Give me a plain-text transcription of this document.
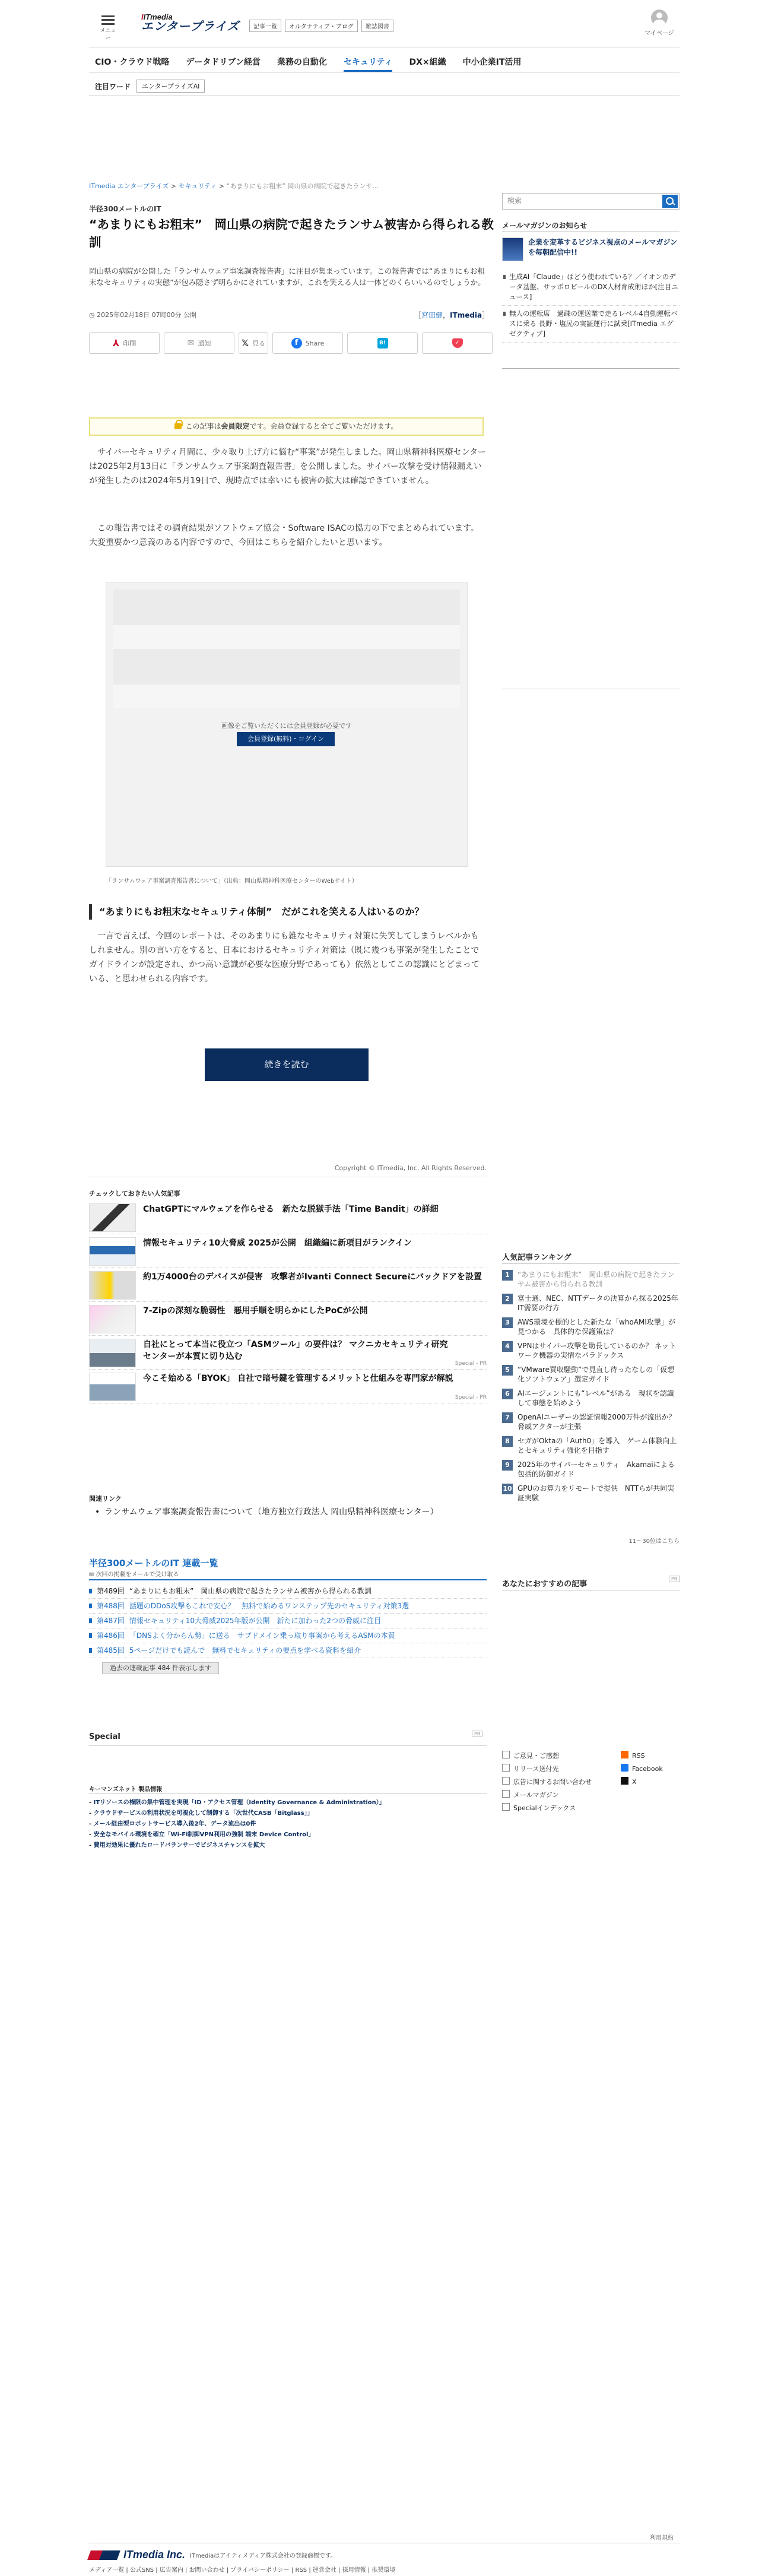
メニュー
IITmedia
エンタープライズ	記事一覧	オルタナティブ・ブログ	雑誌図書
マイページ
CIO・クラウド戦略 データドリブン経営 業務の自動化 セキュリティ DX×組織 中小企業IT活用
注目ワード	エンタープライズAI
ITmedia エンタープライズ > セキュリティ > “あまりにもお粗末” 岡山県の病院で起きたランサ...
半径300メートルのIT
“あまりにもお粗末”　岡山県の病院で起きたランサム被害から得られる教訓

岡山県の病院が公開した「ランサムウェア事案調査報告書」に注目が集まっています。この報告書では“あまりにもお粗末なセキュリティの実態”が包み隠さず明らかにされていますが、これを笑える人は一体どのくらいいるのでしょうか。

◷ 2025年02月18日 07時00分 公開	［宮田健，ITmedia］
⅄ 印刷	✉ 通知	𝕏 見る	f	Share	B!	✓
この記事は会員限定です。会員登録すると全てご覧いただけます。

　サイバーセキュリティ月間に、少々取り上げ方に悩む“事案”が発生しました。岡山県精神科医療センターは2025年2月13日に「ランサムウェア事案調査報告書」を公開しました。サイバー攻撃を受け情報漏えいが発生したのは2024年5月19日で、現時点では幸いにも被害の拡大は確認できていません。

　この報告書ではその調査結果がソフトウェア協会・Software ISACの協力の下でまとめられています。大変重要かつ意義のある内容ですので、今回はこちらを紹介したいと思います。

画像をご覧いただくには会員登録が必要です
会員登録(無料)・ログイン
「ランサムウェア事案調査報告書について」（出典：岡山県精神科医療センターのWebサイト）
“あまりにもお粗末なセキュリティ体制”　だがこれを笑える人はいるのか？

　一言で言えば、今回のレポートは、そのあまりにも雑なセキュリティ対策に失笑してしまうレベルかもしれません。別の言い方をすると、日本におけるセキュリティ対策は（既に幾つも事案が発生したことでガイドラインが設定され、かつ高い意識が必要な医療分野であっても）依然としてこの認識にとどまっている、と思わせられる内容です。

続きを読む
Copyright © ITmedia, Inc. All Rights Reserved.
チェックしておきたい人気記事
ChatGPTにマルウェアを作らせる　新たな脱獄手法「Time Bandit」の詳細
情報セキュリティ10大脅威 2025が公開　組織編に新項目がランクイン
約1万4000台のデバイスが侵害　攻撃者がIvanti Connect Secureにバックドアを設置
7-Zipの深刻な脆弱性　悪用手順を明らかにしたPoCが公開
自社にとって本当に役立つ「ASMツール」の要件は？ マクニカセキュリティ研究センターが本質に切り込む
Special - PR
今こそ始める「BYOK」 自社で暗号鍵を管理するメリットと仕組みを専門家が解説
Special - PR
関連リンク
• ランサムウェア事案調査報告書について（地方独立行政法人 岡山県精神科医療センター）
半径300メートルのIT 連載一覧
✉ 次回の掲載をメールで受け取る
第489回 “あまりにもお粗末”　岡山県の病院で起きたランサム被害から得られる教訓
第488回 話題のDDoS攻撃もこれで安心？　無料で始めるワンステップ先のセキュリティ対策3選
第487回 情報セキュリティ10大脅威2025年版が公開　新たに加わった2つの脅威に注目
第486回 「DNSよく分からん勢」に送る　サブドメイン乗っ取り事案から考えるASMの本質
第485回 5ページだけでも読んで　無料でセキュリティの要点を学べる資料を紹介
過去の連載記事 484 件表示します
Special	PR
キーマンズネット 製品情報
- ITリソースの権限の集中管理を実現「ID・アクセス管理（Identity Governance & Administration）」
- クラウドサービスの利用状況を可視化して制御する「次世代CASB「Bitglass」」
- メール経由型ロボットサービス導入後2年、データ流出は0件
- 安全なモバイル環境を確立「Wi-Fi制御VPN利用の強制 端末 Device Control」
- 費用対効果に優れたロードバランサーでビジネスチャンスを拡大
検索
メールマガジンのお知らせ
企業を変革するビジネス視点のメールマガジンを毎朝配信中!!
生成AI「Claude」はどう使われている？／イオンのデータ基盤、サッポロビールのDX人材育成術ほか[注目ニュース]
無人の運転席　過疎の運送業で走るレベル4自動運転バスに乗る 長野・塩尻の実証運行に試乗[ITmedia エグゼクティブ]
人気記事ランキング
1	“あまりにもお粗末”　岡山県の病院で起きたランサム被害から得られる教訓
2	富士通、NEC、NTTデータの決算から探る2025年IT需要の行方
3	AWS環境を標的とした新たな「whoAMI攻撃」が見つかる　具体的な保護策は？
4	VPNはサイバー攻撃を助長しているのか？ ネットワーク機器の実情なパラドックス
5	“VMware買収騒動”で見直し待ったなしの「仮想化ソフトウェア」選定ガイド
6	AIエージェントにも“レベル”がある　現状を認識して事態を始めよう
7	OpenAIユーザーの認証情報2000万件が流出か？ 脅威アクターが主張
8	セガがOktaの「Auth0」を導入　ゲーム体験向上とセキュリティ強化を目指す
9	2025年のサイバーセキュリティ　Akamaiによる包括的防御ガイド
10 GPUのお算力をリモートで提供　NTTらが共同実証実験
11～30位はこちら
あなたにおすすめの記事
PR
ご意見・ご感想	RSS
リリース送付先	Facebook
広告に関するお問い合わせ	X
メールマガジン
Specialインデックス
利用規約
ITmedia Inc. ITmediaはアイティメディア株式会社の登録商標です。
メディア一覧 | 公式SNS | 広告案内 | お問い合わせ | プライバシーポリシー | RSS | 運営会社 | 採用情報 | 推奨環境
